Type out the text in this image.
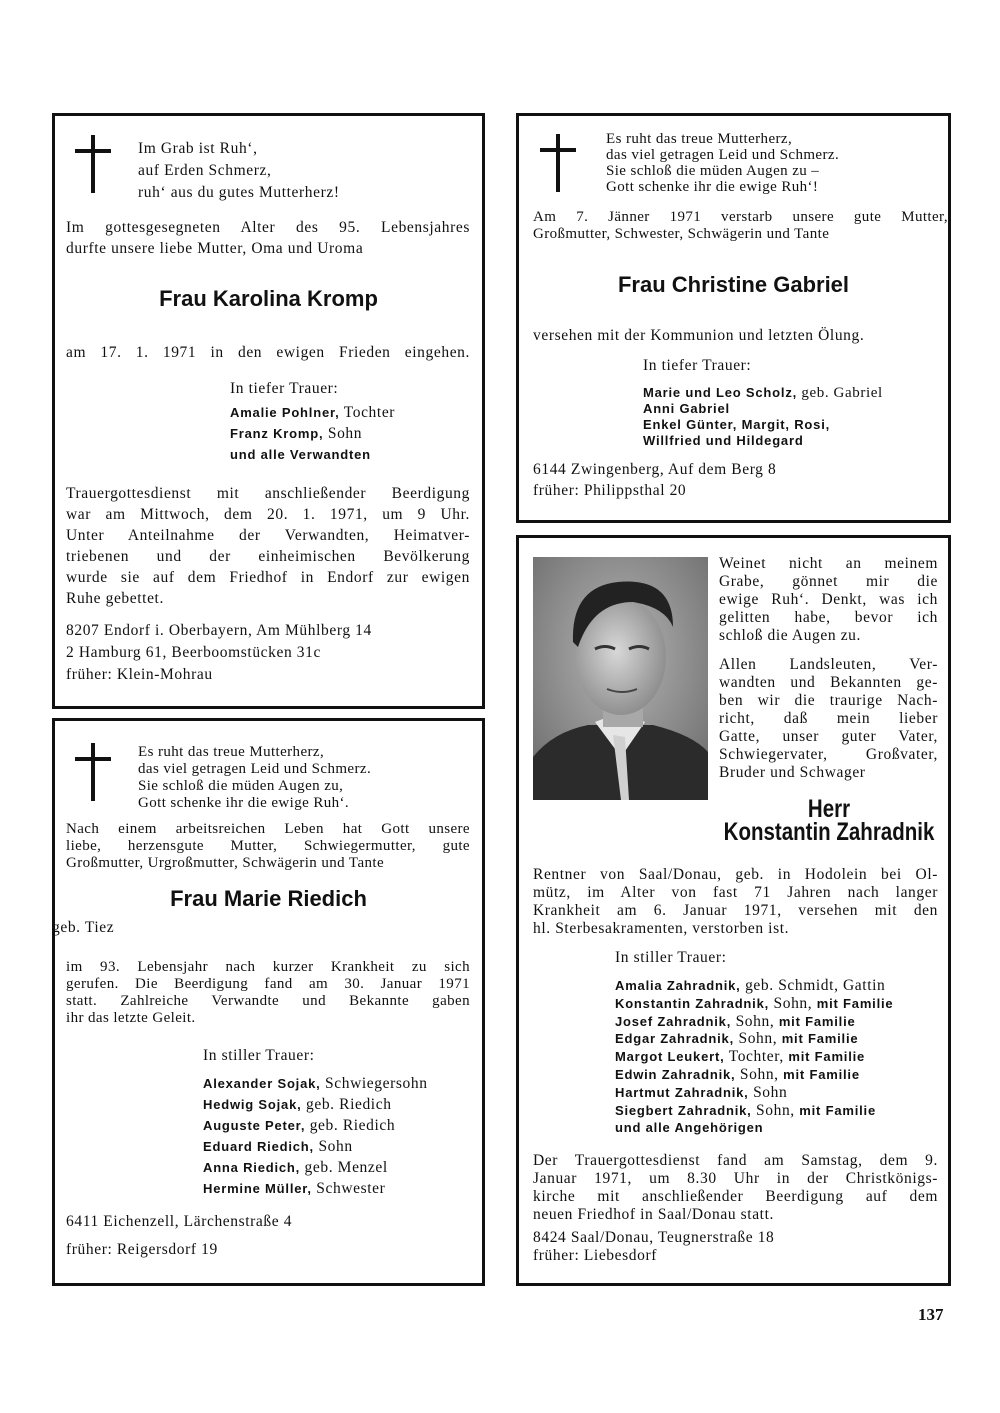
137
Im Grab ist Ruh‘,
auf Erden Schmerz,
ruh‘ aus du gutes Mutterherz!
Im gottesgesegneten Alter des 95. Lebensjahres
durfte unsere liebe Mutter, Oma und Uroma
Frau Karolina Kromp
am 17. 1. 1971 in den ewigen Frieden eingehen.
In tiefer Trauer:
Amalie Pohlner, Tochter
Franz Kromp, Sohn
und alle Verwandten
Trauergottesdienst mit anschließender Beerdigung
war am Mittwoch, dem 20. 1. 1971, um 9 Uhr.
Unter Anteilnahme der Verwandten, Heimatver-
triebenen und der einheimischen Bevölkerung
wurde sie auf dem Friedhof in Endorf zur ewigen
Ruhe gebettet.
8207 Endorf i. Oberbayern, Am Mühlberg 14
2 Hamburg 61, Beerboomstücken 31c
früher: Klein-Mohrau
Es ruht das treue Mutterherz,
das viel getragen Leid und Schmerz.
Sie schloß die müden Augen zu,
Gott schenke ihr die ewige Ruh‘.
Nach einem arbeitsreichen Leben hat Gott unsere
liebe, herzensgute Mutter, Schwiegermutter, gute
Großmutter, Urgroßmutter, Schwägerin und Tante
Frau Marie Riedich
geb. Tiez
im 93. Lebensjahr nach kurzer Krankheit zu sich
gerufen. Die Beerdigung fand am 30. Januar 1971
statt. Zahlreiche Verwandte und Bekannte gaben
ihr das letzte Geleit.
In stiller Trauer:
Alexander Sojak, Schwiegersohn
Hedwig Sojak, geb. Riedich
Auguste Peter, geb. Riedich
Eduard Riedich, Sohn
Anna Riedich, geb. Menzel
Hermine Müller, Schwester
6411 Eichenzell, Lärchenstraße 4
früher: Reigersdorf 19
Es ruht das treue Mutterherz,
das viel getragen Leid und Schmerz.
Sie schloß die müden Augen zu –
Gott schenke ihr die ewige Ruh‘!
Am 7. Jänner 1971 verstarb unsere gute Mutter,
Großmutter, Schwester, Schwägerin und Tante
Frau Christine Gabriel
versehen mit der Kommunion und letzten Ölung.
In tiefer Trauer:
Marie und Leo Scholz, geb. Gabriel
Anni Gabriel
Enkel Günter, Margit, Rosi,
Willfried und Hildegard
6144 Zwingenberg, Auf dem Berg 8
früher: Philippsthal 20
Weinet nicht an meinem
Grabe, gönnet mir die
ewige Ruh‘. Denkt, was ich
gelitten habe, bevor ich
schloß die Augen zu.
Allen Landsleuten, Ver-
wandten und Bekannten ge-
ben wir die traurige Nach-
richt, daß mein lieber
Gatte, unser guter Vater,
Schwiegervater, Großvater,
Bruder und Schwager
Herr
Konstantin Zahradnik
Rentner von Saal/Donau, geb. in Hodolein bei Ol-
mütz, im Alter von fast 71 Jahren nach langer
Krankheit am 6. Januar 1971, versehen mit den
hl. Sterbesakramenten, verstorben ist.
In stiller Trauer:
Amalia Zahradnik, geb. Schmidt, Gattin
Konstantin Zahradnik, Sohn, mit Familie
Josef Zahradnik, Sohn, mit Familie
Edgar Zahradnik, Sohn, mit Familie
Margot Leukert, Tochter, mit Familie
Edwin Zahradnik, Sohn, mit Familie
Hartmut Zahradnik, Sohn
Siegbert Zahradnik, Sohn, mit Familie
und alle Angehörigen
Der Trauergottesdienst fand am Samstag, dem 9.
Januar 1971, um 8.30 Uhr in der Christkönigs-
kirche mit anschließender Beerdigung auf dem
neuen Friedhof in Saal/Donau statt.
8424 Saal/Donau, Teugnerstraße 18
früher: Liebesdorf
